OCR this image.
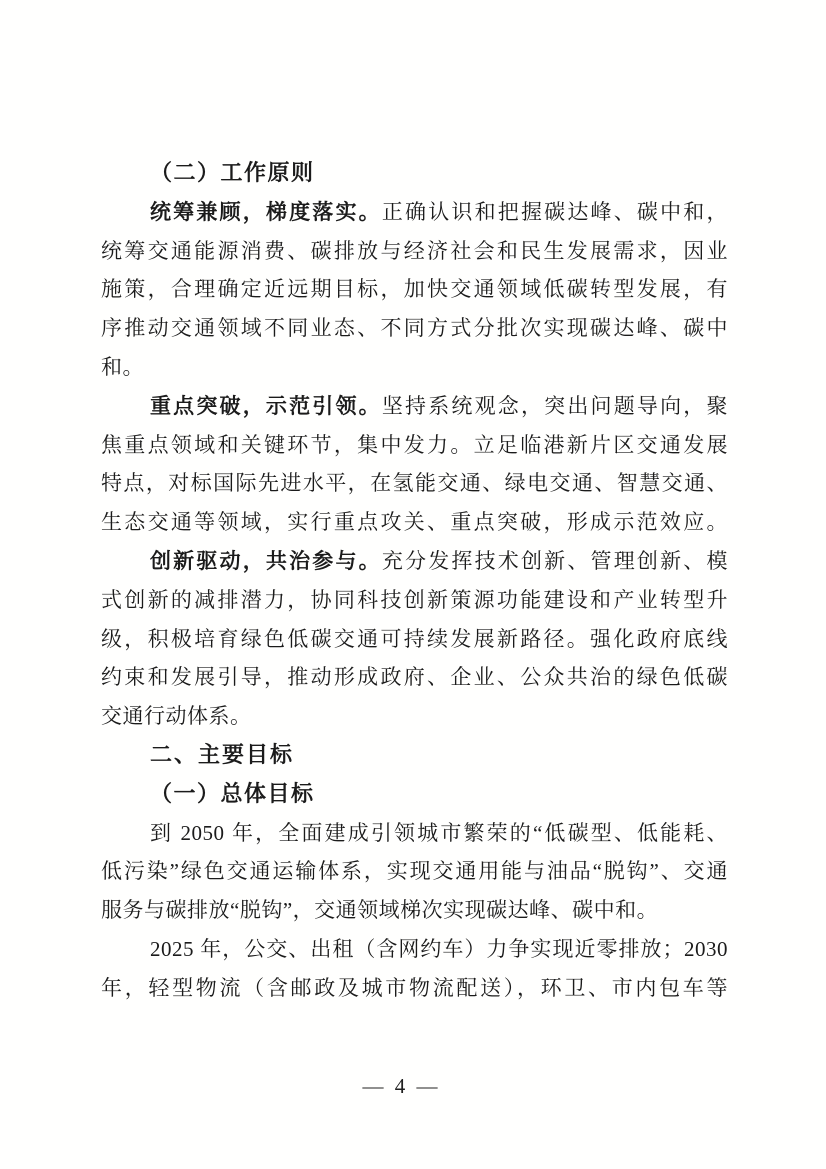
（二）工作原则
统筹兼顾，梯度落实。正确认识和把握碳达峰、碳中和，
统筹交通能源消费、碳排放与经济社会和民生发展需求，因业
施策，合理确定近远期目标，加快交通领域低碳转型发展，有
序推动交通领域不同业态、不同方式分批次实现碳达峰、碳中
和。
重点突破，示范引领。坚持系统观念，突出问题导向，聚
焦重点领域和关键环节，集中发力。立足临港新片区交通发展
特点，对标国际先进水平，在氢能交通、绿电交通、智慧交通、
生态交通等领域，实行重点攻关、重点突破，形成示范效应。
创新驱动，共治参与。充分发挥技术创新、管理创新、模
式创新的减排潜力，协同科技创新策源功能建设和产业转型升
级，积极培育绿色低碳交通可持续发展新路径。强化政府底线
约束和发展引导，推动形成政府、企业、公众共治的绿色低碳
交通行动体系。
二、主要目标
（一）总体目标
到 2050 年，全面建成引领城市繁荣的“低碳型、低能耗、
低污染”绿色交通运输体系，实现交通用能与油品“脱钩”、交通
服务与碳排放“脱钩”，交通领域梯次实现碳达峰、碳中和。
2025 年，公交、出租（含网约车）力争实现近零排放；2030
年，轻型物流（含邮政及城市物流配送），环卫、市内包车等
— 4 —
